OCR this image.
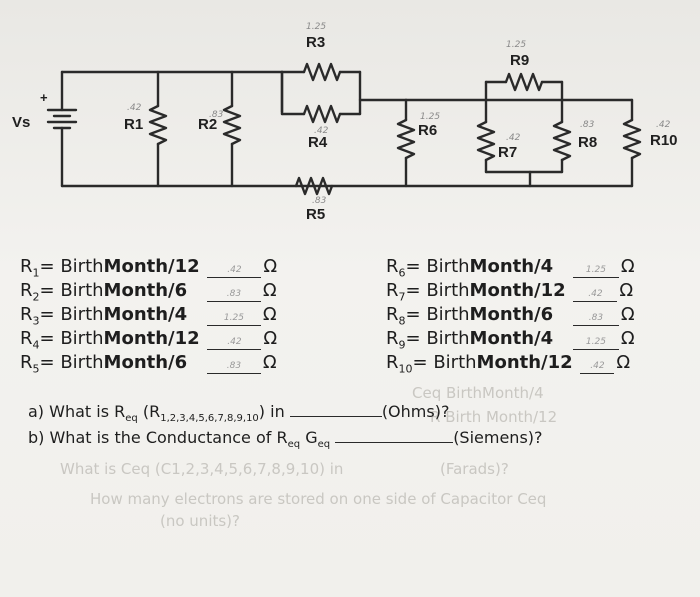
+
Vs	R1	R2
R3
R4
R5
R6
R7
R8
R9
R10
.42
.83
1.25
.42
.83
1.25
.42
.83
1.25
.42
Ceq BirthMonth/4
R Birth Month/12
What is Ceq (C1,2,3,4,5,6,7,8,9,10) in	(Farads)?
How many electrons are stored on one side of Capacitor Ceq
(no units)?
$R_1=$ BirthMonth/12	.42 Ω
$R_2=$ BirthMonth/6	.83 Ω
$R_3=$ BirthMonth/4	1.25 Ω
$R_4=$ BirthMonth/12	.42 Ω
$R_5=$ BirthMonth/6	.83 Ω
$R_6=$ BirthMonth/4	1.25 Ω
$R_7=$ BirthMonth/12	.42 Ω
$R_8=$ BirthMonth/6	.83 Ω
$R_9=$ BirthMonth/4	1.25 Ω
$R_{10}=$ BirthMonth/12 .42 Ω
a) What is $R_{eq}$ $(R_{1,2,3,4,5,6,7,8,9,10})$ in	(Ohms)?
b) What is the Conductance of $R_{eq}$ $G_{eq}$	(Siemens)?
